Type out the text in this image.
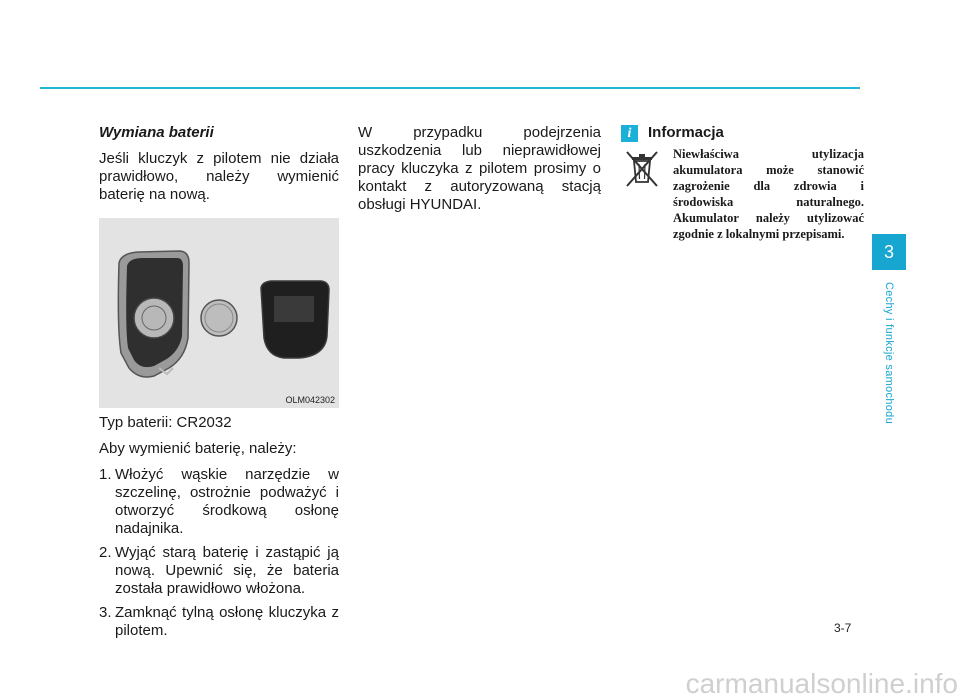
Wymiana baterii

Jeśli kluczyk z pilotem nie działa prawidłowo, należy wymienić baterię na nową.

OLM042302

Typ baterii: CR2032

Aby wymienić baterię, należy:

1. Włożyć wąskie narzędzie w szczelinę, ostrożnie podważyć i otworzyć środkową osłonę nadajnika.
2. Wyjąć starą baterię i zastąpić ją nową. Upewnić się, że bateria została prawidłowo włożona.
3. Zamknąć tylną osłonę kluczyka z pilotem.

W przypadku podejrzenia uszkodzenia lub nieprawidłowej pracy kluczyka z pilotem prosimy o kontakt z autoryzowaną stacją obsługi HYUNDAI.

i	Informacja
Niewłaściwa utylizacja akumulatora może stanowić zagrożenie dla zdrowia i środowiska naturalnego. Akumulator należy utylizować zgodnie z lokalnymi przepisami.
3
Cechy i funkcje samochodu
3-7
carmanualsonline.info
